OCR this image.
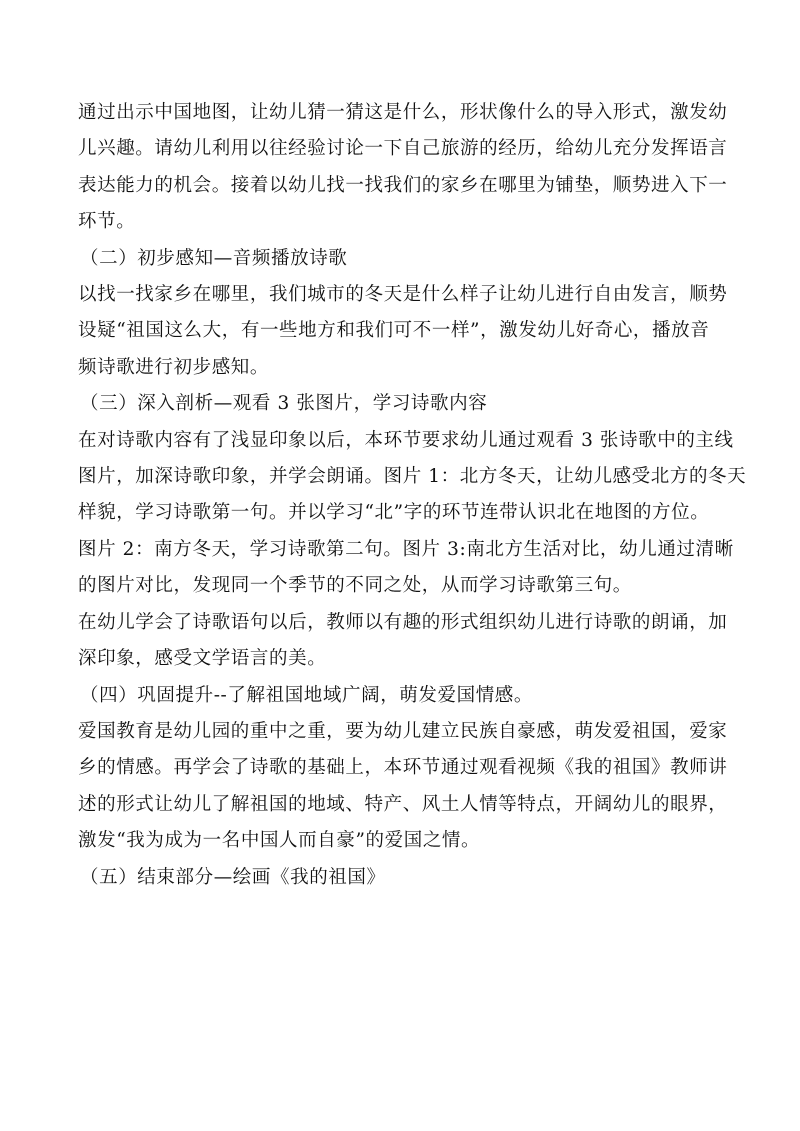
通过出示中国地图，让幼儿猜一猜这是什么，形状像什么的导入形式，激发幼
儿兴趣。请幼儿利用以往经验讨论一下自己旅游的经历，给幼儿充分发挥语言
表达能力的机会。接着以幼儿找一找我们的家乡在哪里为铺垫，顺势进入下一
环节。
（二）初步感知—音频播放诗歌
以找一找家乡在哪里，我们城市的冬天是什么样子让幼儿进行自由发言，顺势
设疑“祖国这么大，有一些地方和我们可不一样”，激发幼儿好奇心，播放音
频诗歌进行初步感知。
（三）深入剖析—观看 3 张图片，学习诗歌内容
在对诗歌内容有了浅显印象以后，本环节要求幼儿通过观看 3 张诗歌中的主线
图片，加深诗歌印象，并学会朗诵。图片 1：北方冬天，让幼儿感受北方的冬天
样貌，学习诗歌第一句。并以学习“北”字的环节连带认识北在地图的方位。
图片 2：南方冬天，学习诗歌第二句。图片 3:南北方生活对比，幼儿通过清晰
的图片对比，发现同一个季节的不同之处，从而学习诗歌第三句。
在幼儿学会了诗歌语句以后，教师以有趣的形式组织幼儿进行诗歌的朗诵，加
深印象，感受文学语言的美。
（四）巩固提升--了解祖国地域广阔，萌发爱国情感。
爱国教育是幼儿园的重中之重，要为幼儿建立民族自豪感，萌发爱祖国，爱家
乡的情感。再学会了诗歌的基础上，本环节通过观看视频《我的祖国》教师讲
述的形式让幼儿了解祖国的地域、特产、风土人情等特点，开阔幼儿的眼界，
激发“我为成为一名中国人而自豪”的爱国之情。
（五）结束部分—绘画《我的祖国》
